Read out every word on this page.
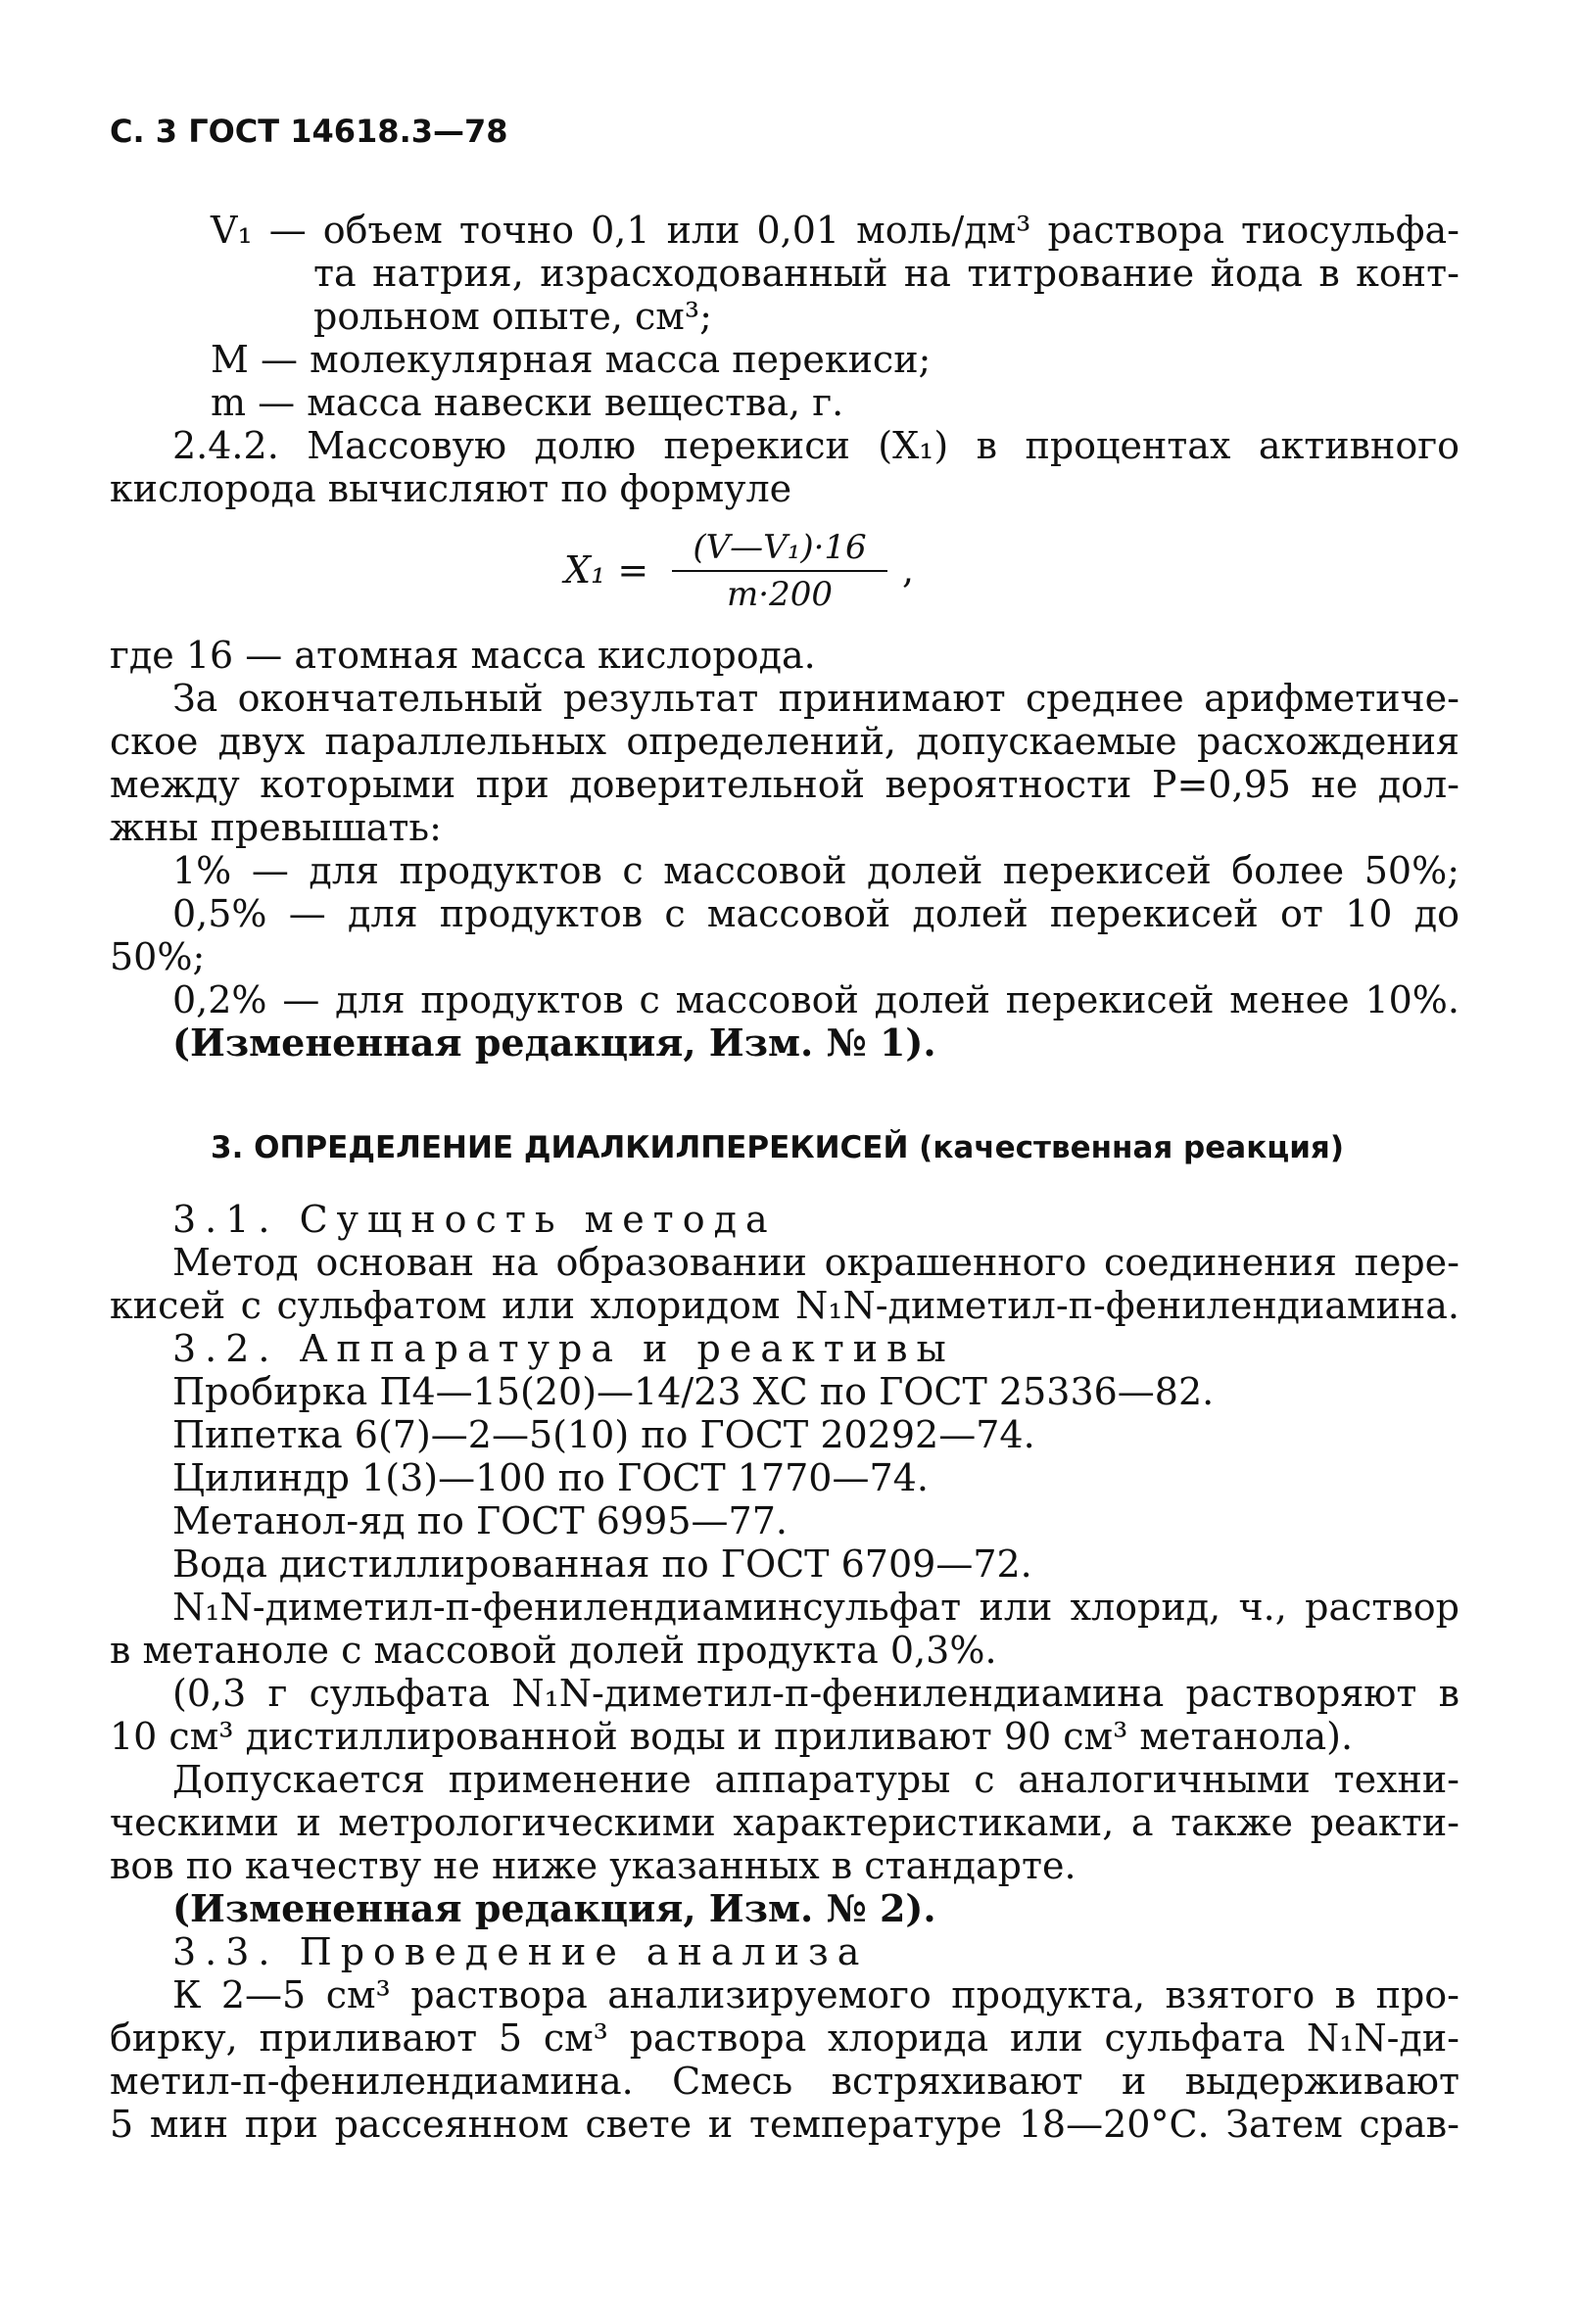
С. 3 ГОСТ 14618.3—78
V₁ — объем точно 0,1 или 0,01 моль/дм³ раствора тиосульфа-
та натрия, израсходованный на титрование йода в конт-
рольном опыте, см³;
M — молекулярная масса перекиси;
m — масса навески вещества, г.
2.4.2. Массовую долю перекиси (X₁) в процентах активного
кислорода вычисляют по формуле
X₁ =
(V—V₁)·16
m·200
,
где 16 — атомная масса кислорода.
За окончательный результат принимают среднее арифметиче-
ское двух параллельных определений, допускаемые расхождения
между которыми при доверительной вероятности P=0,95 не дол-
жны превышать:
1% — для продуктов с массовой долей перекисей более 50%;
0,5% — для продуктов с массовой долей перекисей от 10 до
50%;
0,2% — для продуктов с массовой долей перекисей менее 10%.
(Измененная редакция, Изм. № 1).
3. ОПРЕДЕЛЕНИЕ ДИАЛКИЛПЕРЕКИСЕЙ (качественная реакция)
3.1. Сущность метода
Метод основан на образовании окрашенного соединения пере-
кисей с сульфатом или хлоридом N₁N-диметил-п-фенилендиамина.
3.2. Аппаратура и реактивы
Пробирка П4—15(20)—14/23 ХС по ГОСТ 25336—82.
Пипетка 6(7)—2—5(10) по ГОСТ 20292—74.
Цилиндр 1(3)—100 по ГОСТ 1770—74.
Метанол-яд по ГОСТ 6995—77.
Вода дистиллированная по ГОСТ 6709—72.
N₁N-диметил-п-фенилендиаминсульфат или хлорид, ч., раствор
в метаноле с массовой долей продукта 0,3%.
(0,3 г сульфата N₁N-диметил-п-фенилендиамина растворяют в
10 см³ дистиллированной воды и приливают 90 см³ метанола).
Допускается применение аппаратуры с аналогичными техни-
ческими и метрологическими характеристиками, а также реакти-
вов по качеству не ниже указанных в стандарте.
(Измененная редакция, Изм. № 2).
3.3. Проведение анализа
К 2—5 см³ раствора анализируемого продукта, взятого в про-
бирку, приливают 5 см³ раствора хлорида или сульфата N₁N-ди-
метил-п-фенилендиамина. Смесь встряхивают и выдерживают
5 мин при рассеянном свете и температуре 18—20°С. Затем срав-
